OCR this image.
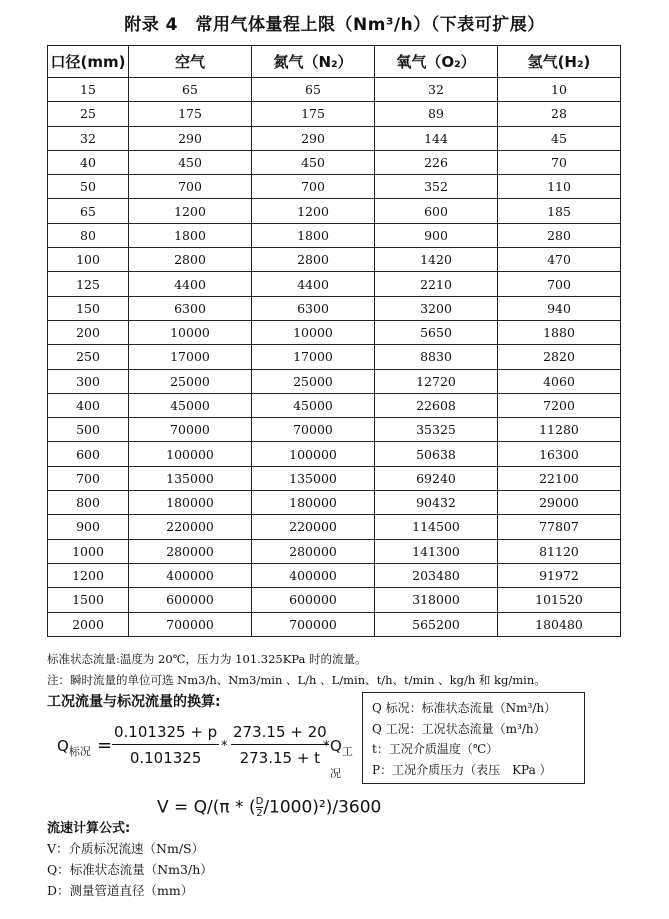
附录 4　常用气体量程上限（Nm³/h）（下表可扩展）
口径(mm)	空气	氮气（N₂）	氧气（O₂）	氢气(H₂)
15	65	65	32	10
25	175	175	89	28
32	290	290	144	45
40	450	450	226	70
50	700	700	352	110
65	1200	1200	600	185
80	1800	1800	900	280
100	2800	2800	1420	470
125	4400	4400	2210	700
150	6300	6300	3200	940
200	10000	10000	5650	1880
250	17000	17000	8830	2820
300	25000	25000	12720	4060
400	45000	45000	22608	7200
500	70000	70000	35325	11280
600	100000	100000	50638	16300
700	135000	135000	69240	22100
800	180000	180000	90432	29000
900	220000	220000	114500	77807
1000	280000	280000	141300	81120
1200	400000	400000	203480	91972
1500	600000	600000	318000	101520
2000	700000	700000	565200	180480
标准状态流量:温度为 20℃，压力为 101.325KPa 时的流量。
注：瞬时流量的单位可选 Nm3/h、Nm3/min 、L/h 、L/min、t/h、t/min 、kg/h 和 kg/min。
工况流量与标况流量的换算:
$Q_{标况} = \frac{0.101325 + p}{0.101325} * \frac{273.15 + 20}{273.15 + t}$
* $Q_{工况}$
Q 标况：标准状态流量（Nm³/h）
Q 工况：工况状态流量（m³/h）
t：工况介质温度（℃）
P：工况介质压力（表压　KPa ）
V = Q/(π * ( $\frac{D}{2} /1000)^2)/3600$
流速计算公式:
V：介质标况流速（Nm/S）
Q：标准状态流量（Nm3/h）
D：测量管道直径（mm）
